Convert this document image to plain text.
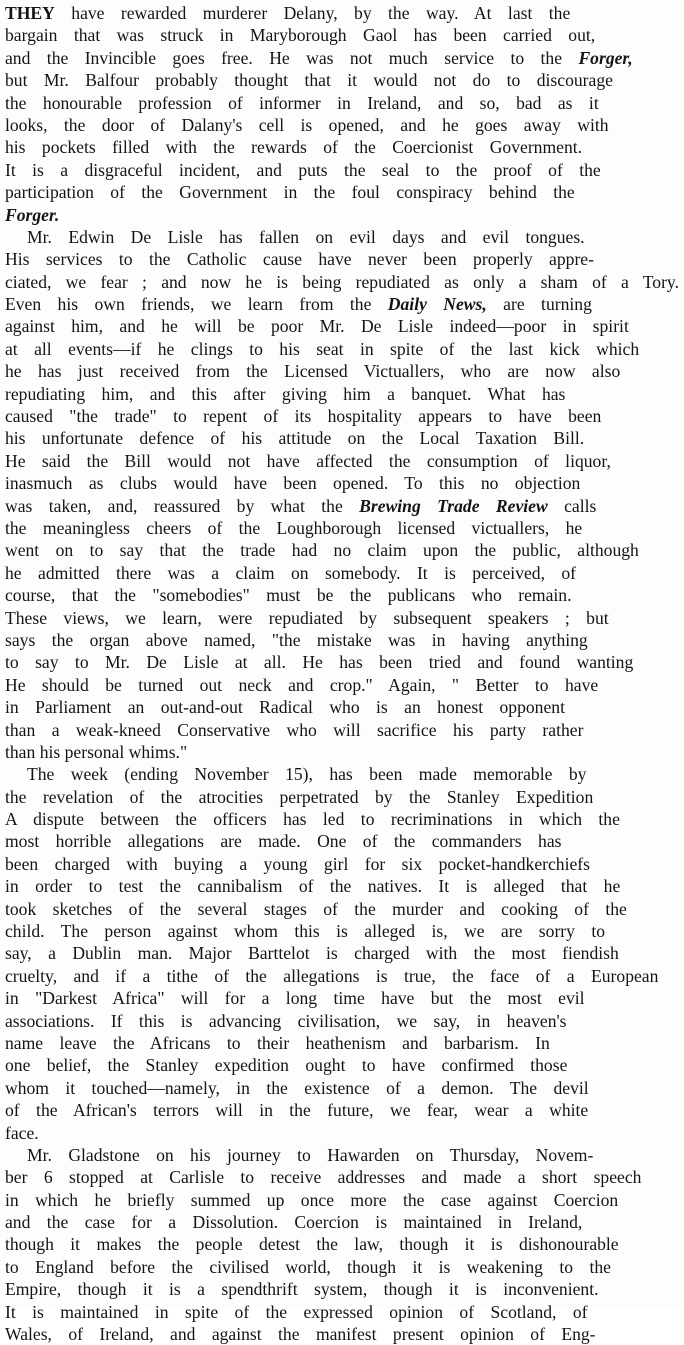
THEY have rewarded murderer Delany, by the way. At last the
bargain that was struck in Maryborough Gaol has been carried out,
and the Invincible goes free. He was not much service to the Forger,
but Mr. Balfour probably thought that it would not do to discourage
the honourable profession of informer in Ireland, and so, bad as it
looks, the door of Dalany's cell is opened, and he goes away with
his pockets filled with the rewards of the Coercionist Government.
It is a disgraceful incident, and puts the seal to the proof of the
participation of the Government in the foul conspiracy behind the
Forger.
Mr. Edwin De Lisle has fallen on evil days and evil tongues.
His services to the Catholic cause have never been properly appre-
ciated, we fear ; and now he is being repudiated as only a sham of a Tory.
Even his own friends, we learn from the Daily News, are turning
against him, and he will be poor Mr. De Lisle indeed—poor in spirit
at all events—if he clings to his seat in spite of the last kick which
he has just received from the Licensed Victuallers, who are now also
repudiating him, and this after giving him a banquet. What has
caused "the trade" to repent of its hospitality appears to have been
his unfortunate defence of his attitude on the Local Taxation Bill.
He said the Bill would not have affected the consumption of liquor,
inasmuch as clubs would have been opened. To this no objection
was taken, and, reassured by what the Brewing Trade Review calls
the meaningless cheers of the Loughborough licensed victuallers, he
went on to say that the trade had no claim upon the public, although
he admitted there was a claim on somebody. It is perceived, of
course, that the "somebodies" must be the publicans who remain.
These views, we learn, were repudiated by subsequent speakers ; but
says the organ above named, "the mistake was in having anything
to say to Mr. De Lisle at all. He has been tried and found wanting
He should be turned out neck and crop." Again, " Better to have
in Parliament an out-and-out Radical who is an honest opponent
than a weak-kneed Conservative who will sacrifice his party rather
than his personal whims."
The week (ending November 15), has been made memorable by
the revelation of the atrocities perpetrated by the Stanley Expedition
A dispute between the officers has led to recriminations in which the
most horrible allegations are made. One of the commanders has
been charged with buying a young girl for six pocket-handkerchiefs
in order to test the cannibalism of the natives. It is alleged that he
took sketches of the several stages of the murder and cooking of the
child. The person against whom this is alleged is, we are sorry to
say, a Dublin man. Major Barttelot is charged with the most fiendish
cruelty, and if a tithe of the allegations is true, the face of a European
in "Darkest Africa" will for a long time have but the most evil
associations. If this is advancing civilisation, we say, in heaven's
name leave the Africans to their heathenism and barbarism. In
one belief, the Stanley expedition ought to have confirmed those
whom it touched—namely, in the existence of a demon. The devil
of the African's terrors will in the future, we fear, wear a white
face.
Mr. Gladstone on his journey to Hawarden on Thursday, Novem-
ber 6 stopped at Carlisle to receive addresses and made a short speech
in which he briefly summed up once more the case against Coercion
and the case for a Dissolution. Coercion is maintained in Ireland,
though it makes the people detest the law, though it is dishonourable
to England before the civilised world, though it is weakening to the
Empire, though it is a spendthrift system, though it is inconvenient.
It is maintained in spite of the expressed opinion of Scotland, of
Wales, of Ireland, and against the manifest present opinion of Eng-
